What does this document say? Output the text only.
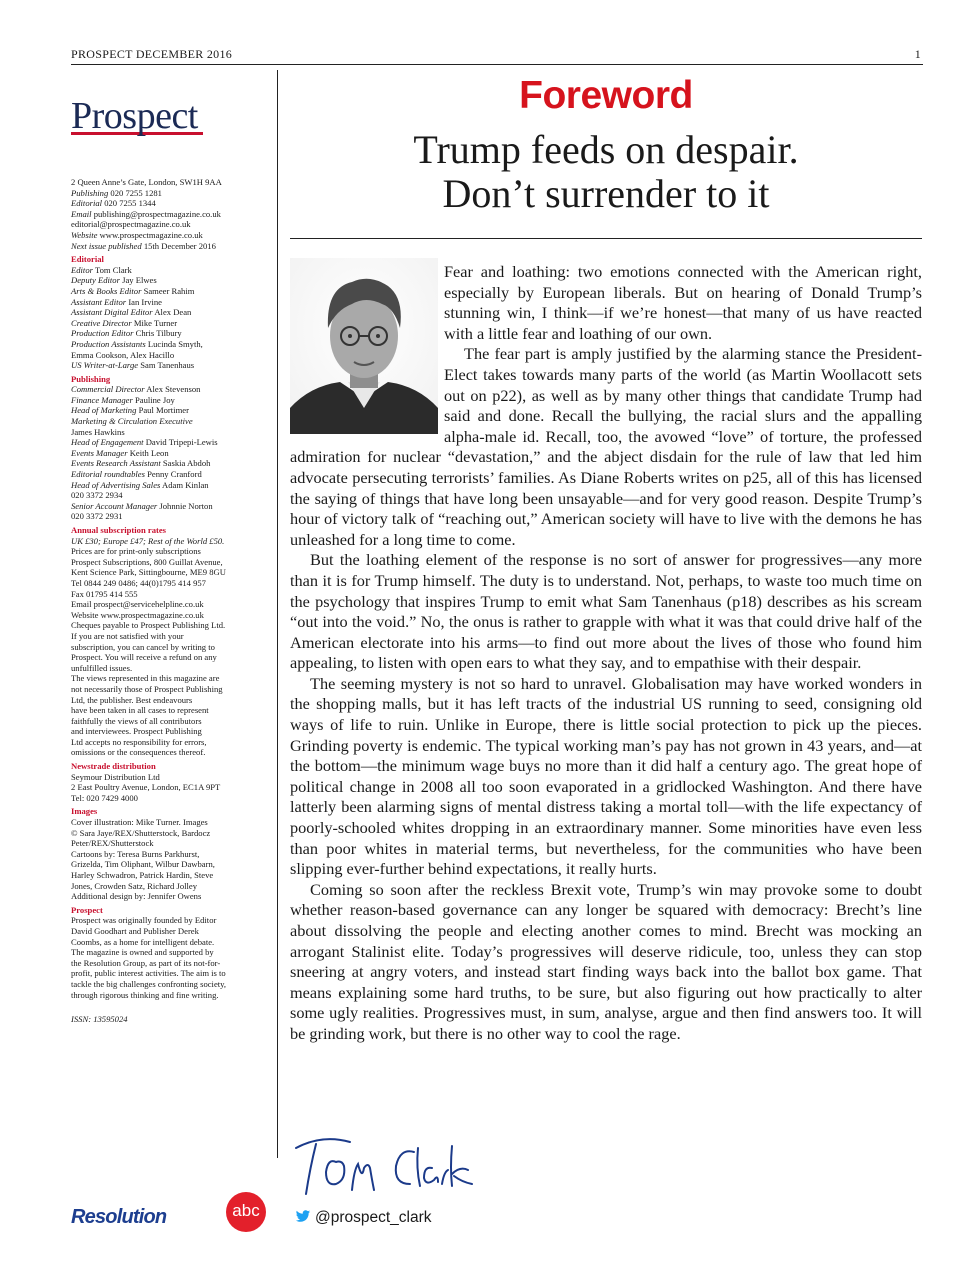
PROSPECT DECEMBER 2016	1
Prospect
2 Queen Anne’s Gate, London, SW1H 9AA
Publishing 020 7255 1281
Editorial 020 7255 1344
Email publishing@prospectmagazine.co.uk
editorial@prospectmagazine.co.uk
Website www.prospectmagazine.co.uk
Next issue published 15th December 2016
Editorial
Editor Tom Clark
Deputy Editor Jay Elwes
Arts & Books Editor Sameer Rahim
Assistant Editor Ian Irvine
Assistant Digital Editor Alex Dean
Creative Director Mike Turner
Production Editor Chris Tilbury
Production Assistants Lucinda Smyth,
Emma Cookson, Alex Hacillo
US Writer-at-Large Sam Tanenhaus
Publishing
Commercial Director Alex Stevenson
Finance Manager Pauline Joy
Head of Marketing Paul Mortimer
Marketing & Circulation Executive
James Hawkins
Head of Engagement David Tripepi-Lewis
Events Manager Keith Leon
Events Research Assistant Saskia Abdoh
Editorial roundtables Penny Cranford
Head of Advertising Sales Adam Kinlan
020 3372 2934
Senior Account Manager Johnnie Norton
020 3372 2931
Annual subscription rates
UK £30; Europe £47; Rest of the World £50.
Prices are for print-only subscriptions
Prospect Subscriptions, 800 Guillat Avenue,
Kent Science Park, Sittingbourne, ME9 8GU
Tel 0844 249 0486; 44(0)1795 414 957
Fax 01795 414 555
Email prospect@servicehelpline.co.uk
Website www.prospectmagazine.co.uk
Cheques payable to Prospect Publishing Ltd.
If you are not satisfied with your
subscription, you can cancel by writing to
Prospect. You will receive a refund on any
unfulfilled issues.
The views represented in this magazine are
not necessarily those of Prospect Publishing
Ltd, the publisher. Best endeavours
have been taken in all cases to represent
faithfully the views of all contributors
and interviewees. Prospect Publishing
Ltd accepts no responsibility for errors,
omissions or the consequences thereof.
Newstrade distribution
Seymour Distribution Ltd
2 East Poultry Avenue, London, EC1A 9PT
Tel: 020 7429 4000
Images
Cover illustration: Mike Turner. Images
© Sara Jaye/REX/Shutterstock, Bardocz
Peter/REX/Shutterstock
Cartoons by: Teresa Burns Parkhurst,
Grizelda, Tim Oliphant, Wilbur Dawbarn,
Harley Schwadron, Patrick Hardin, Steve
Jones, Crowden Satz, Richard Jolley
Additional design by: Jennifer Owens
Prospect
Prospect was originally founded by Editor
David Goodhart and Publisher Derek
Coombs, as a home for intelligent debate.
The magazine is owned and supported by
the Resolution Group, as part of its not-for-
profit, public interest activities. The aim is to
tackle the big challenges confronting society,
through rigorous thinking and fine writing.
ISSN: 13595024
Foreword
Trump feeds on despair.
Don’t surrender to it

Fear and loathing: two emotions connected with the American right, especially by European liberals. But on hearing of Donald Trump’s stunning win, I think—if we’re honest—that many of us have reacted with a little fear and loathing of our own.

The fear part is amply justified by the alarming stance the President-Elect takes towards many parts of the world (as Martin Woollacott sets out on p22), as well as by many other things that candidate Trump had said and done. Recall the bullying, the racial slurs and the appalling alpha-male id. Recall, too, the avowed “love” of torture, the professed admiration for nuclear “devastation,” and the abject disdain for the rule of law that led him advocate persecuting terrorists’ families. As Diane Roberts writes on p25, all of this has licensed the saying of things that have long been unsayable—and for very good reason. Despite Trump’s hour of victory talk of “reaching out,” American society will have to live with the demons he has unleashed for a long time to come.

But the loathing element of the response is no sort of answer for progressives—any more than it is for Trump himself. The duty is to understand. Not, perhaps, to waste too much time on the psychology that inspires Trump to emit what Sam Tanenhaus (p18) describes as his scream “out into the void.” No, the onus is rather to grapple with what it was that could drive half of the American electorate into his arms—to find out more about the lives of those who found him appealing, to listen with open ears to what they say, and to empathise with their despair.

The seeming mystery is not so hard to unravel. Globalisation may have worked wonders in the shopping malls, but it has left tracts of the industrial US running to seed, consigning old ways of life to ruin. Unlike in Europe, there is little social protection to pick up the pieces. Grinding poverty is endemic. The typical working man’s pay has not grown in 43 years, and—at the bottom—the minimum wage buys no more than it did half a century ago. The great hope of political change in 2008 all too soon evaporated in a gridlocked Washington. And there have latterly been alarming signs of mental distress taking a mortal toll—with the life expectancy of poorly-schooled whites dropping in an extraordinary manner. Some minorities have even less than poor whites in material terms, but nevertheless, for the communities who have been slipping ever-further behind expectations, it really hurts.

Coming so soon after the reckless Brexit vote, Trump’s win may provoke some to doubt whether reason-based governance can any longer be squared with democracy: Brecht’s line about dissolving the people and electing another comes to mind. Brecht was mocking an arrogant Stalinist elite. Today’s progressives will deserve ridicule, too, unless they can stop sneering at angry voters, and instead start finding ways back into the ballot box game. That means explaining some hard truths, to be sure, but also figuring out how practically to alter some ugly realities. Progressives must, in sum, analyse, argue and then find answers too. It will be grinding work, but there is no other way to cool the rage.

@prospect_clark
Resolution	abc
